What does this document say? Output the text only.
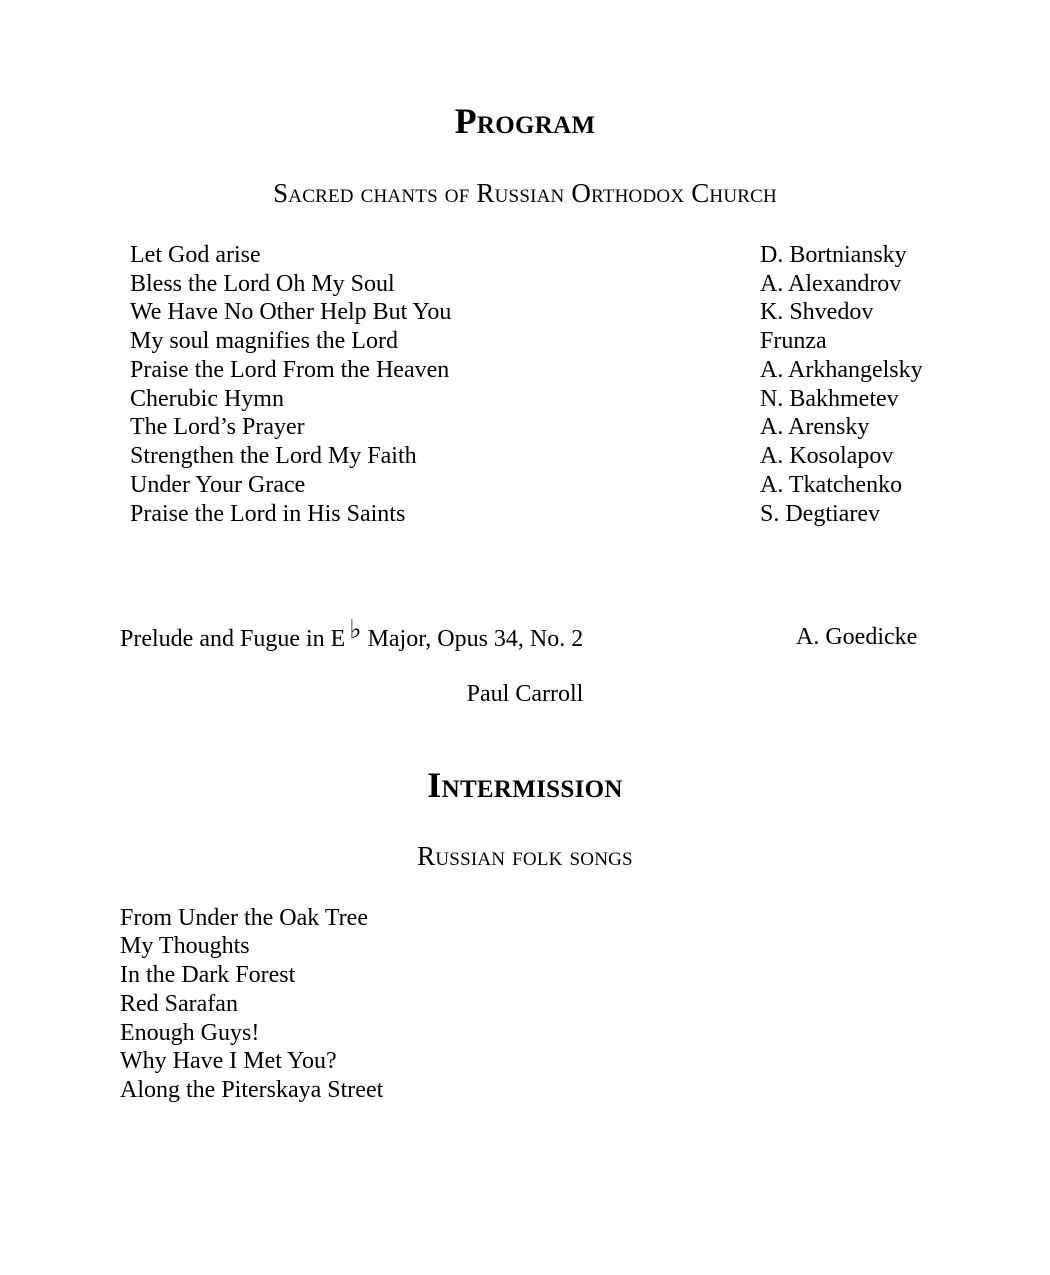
Program
Sacred chants of Russian Orthodox Church
Let God arise	D. Bortniansky
Bless the Lord Oh My Soul	A. Alexandrov
We Have No Other Help But You	K. Shvedov
My soul magnifies the Lord	Frunza
Praise the Lord From the Heaven	A. Arkhangelsky
Cherubic Hymn	N. Bakhmetev
The Lord’s Prayer	A. Arensky
Strengthen the Lord My Faith	A. Kosolapov
Under Your Grace	A. Tkatchenko
Praise the Lord in His Saints	S. Degtiarev
Prelude and Fugue in E ♭ Major, Opus 34, No. 2	A. Goedicke
Paul Carroll
Intermission
Russian folk songs
From Under the Oak Tree
My Thoughts
In the Dark Forest
Red Sarafan
Enough Guys!
Why Have I Met You?
Along the Piterskaya Street
